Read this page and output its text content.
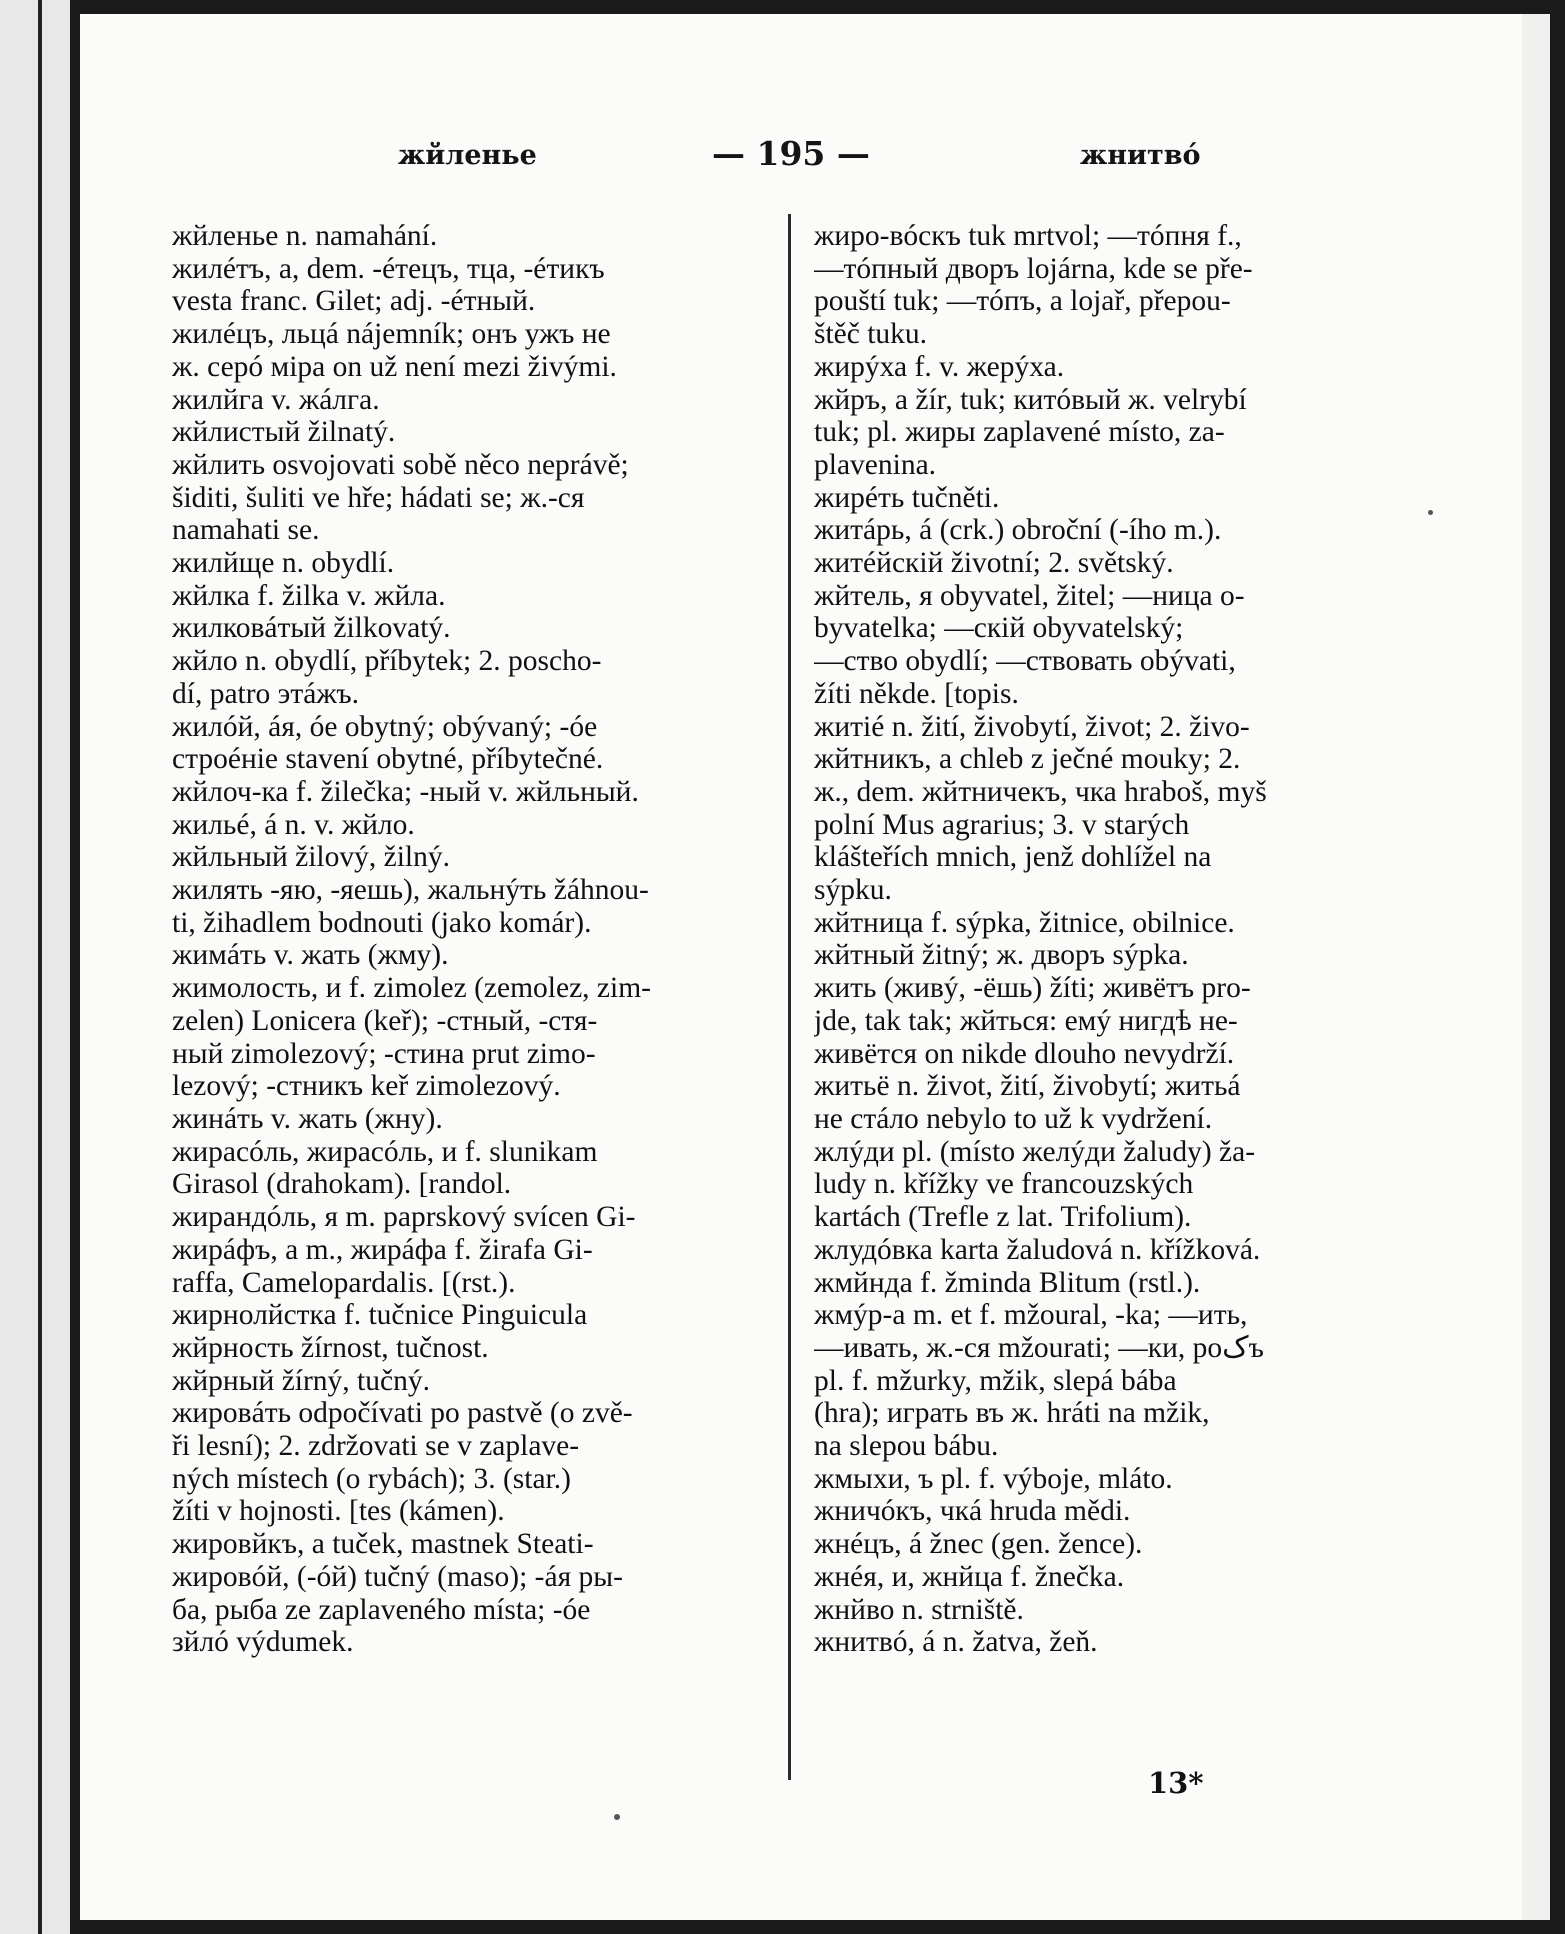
жйленье	— 195 —	жнитвó
жйленье n. namahání.
жилéтъ, a, dem. -éтецъ, тца, -éтикъ
vesta franc. Gilet; adj. -éтный.
жилéцъ, льцá nájemník; онъ ужъ не
ж. серó міра on už není mezi živými.
жилйга v. жáлга.
жйлистый žilnatý.
жйлить osvojovati sobě něco neprávě;
šiditi, šuliti ve hře; hádati se; ж.-ся
namahati se.
жилйще n. obydlí.
жйлка f. žilka v. жйла.
жилковáтый žilkovatý.
жйло n. obydlí, příbytek; 2. poscho-
dí, patro этáжъ.
жилóй, áя, óе obytný; obývaný; -óе
строéніе stavení obytné, příbytečné.
жйлоч-ка f. žilečka; -ный v. жйльный.
жильé, á n. v. жйло.
жйльный žilový, žilný.
жилять -яю, -яешь), жальнýть žáhnou-
ti, žihadlem bodnouti (jako komár).
жимáть v. жать (жму).
жимолость, и f. zimolez (zemolez, zim-
zelen) Lonicera (keř); -стный, -стя-
ный zimolezový; -стина prut zimo-
lezový; -стникъ keř zimolezový.
жинáть v. жать (жну).
жирасóль, жирасóль, и f. slunikam
Girasol (drahokam). [randol.
жирандóль, я m. paprskový svícen Gi-
жирáфъ, a m., жирáфа f. žirafa Gi-
raffa, Camelopardalis. [(rst.).
жирнолйстка f. tučnice Pinguicula
жйрность žírnost, tučnost.
жйрный žírný, tučný.
жировáть odpočívati po pastvě (o zvě-
ři lesní); 2. zdržovati se v zaplave-
ných místech (o rybách); 3. (star.)
žíti v hojnosti. [tes (kámen).
жировйкъ, a tuček, mastnek Steati-
жировóй, (-óй) tučný (maso); -áя ры-
ба, рыба ze zaplaveného místa; -óе
зйлó výdumek.
жиро-вóскъ tuk mrtvol; —тóпня f.,
—тóпный дворъ lojárna, kde se pře-
pouští tuk; —тóпъ, a lojař, přepou-
štěč tuku.
жирýха f. v. жерýха.
жйръ, a žír, tuk; китóвый ж. velrybí
tuk; pl. жиры zaplavené místo, za-
plavenina.
жирéть tučněti.
житáрь, á (crk.) obroční (-ího m.).
житéйскій životní; 2. světský.
жйтель, я obyvatel, žitel; —ница o-
byvatelka; —скій obyvatelský;
—ство obydlí; —ствовать obývati,
žíti někde. [topis.
житіé n. žití, živobytí, život; 2. živo-
жйтникъ, a chleb z ječné mouky; 2.
ж., dem. жйтничекъ, чка hraboš, myš
polní Mus agrarius; 3. v starých
klášteřích mnich, jenž dohlížel na
sýpku.
жйтница f. sýpka, žitnice, obilnice.
жйтный žitný; ж. дворъ sýpka.
жить (живý, -ёшь) žíti; живётъ pro-
jde, tak tak; жйться: емý нигдѣ не-
живётся on nikde dlouho nevydrží.
житьё n. život, žití, živobytí; житьá
не стáло nebylo to už k vydržení.
жлýди pl. (místo желýди žaludy) ža-
ludy n. křížky ve francouzských
kartách (Trefle z lat. Trifolium).
жлудóвка karta žaludová n. křížková.
жмйнда f. žminda Blitum (rstl.).
жмýр-a m. et f. mžoural, -ka; —ить,
—ивать, ж.-ся mžourati; —ки, роکъ
pl. f. mžurky, mžik, slepá bába
(hra); играть въ ж. hráti na mžik,
na slepou bábu.
жмыхи, ъ pl. f. výboje, mláto.
жничóкъ, чкá hruda mědi.
жнéцъ, á žnec (gen. žence).
жнéя, и, жнйца f. žnečka.
жнйво n. strniště.
жнитвó, á n. žatva, žeň.
13*
